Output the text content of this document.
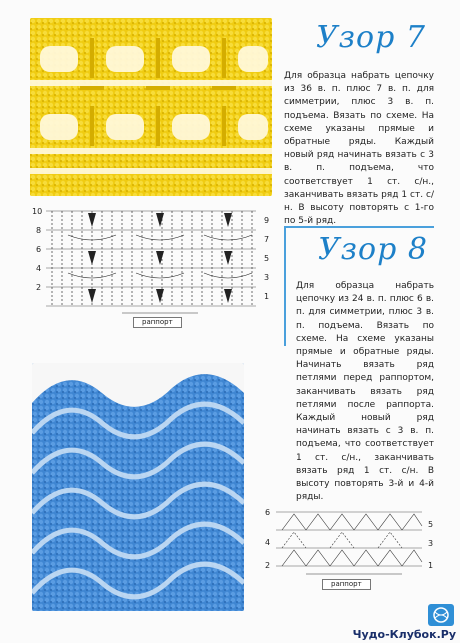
Узор 7
Для образца набрать цепочку из 36 в. п. плюс 7 в. п. для симметрии, плюс 3 в. п. подъема. Вязать по схеме. На схеме указаны прямые и обратные ряды. Каждый новый ряд начинать вязать с 3 в. п. подъема, что соответствует 1 ст. с/н., заканчивать вязать ряд 1 ст. с/н. В высоту повторять с 1-го по 5-й ряд.
10
8
6
4
2
9
7
5
3
1
раппорт
Узор 8
Для образца набрать цепочку из 24 в. п. плюс 6 в. п. для симметрии, плюс 3 в. п. подъема. Вязать по схеме. На схеме указаны прямые и обратные ряды. Начинать вязать ряд петлями перед раппортом, заканчивать вязать ряд петлями после раппорта. Каждый новый ряд начинать вязать с 3 в. п. подъема, что соответствует 1 ст. с/н., заканчивать вязать ряд 1 ст. с/н. В высоту повторять 3-й и 4-й ряды.
6
4
2
5
3
1
раппорт
Чудо-Клубок.Ру
